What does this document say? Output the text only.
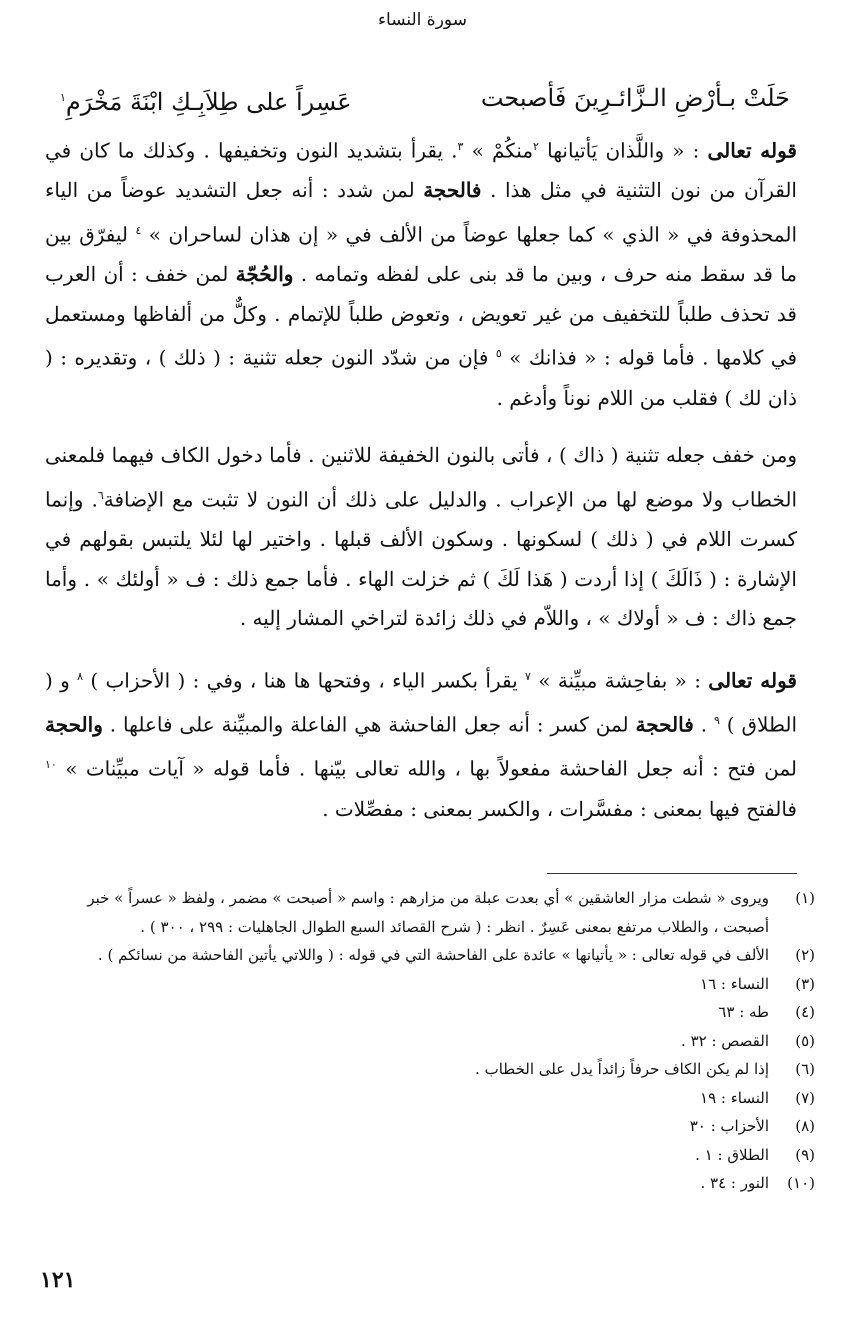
سورة النساء
حَلَتْ بـأرْضِ الـزَّائـرِينَ فَأصبحت
عَسِراً على طِلاَبِـكِ ابْنَةَ مَخْرَمِ$^١$

قوله تعالى : « واللَّذان يَأتيانها $^٢$منكُمْ » $^٣$. يقرأ بتشديد النون وتخفيفها . وكذلك ما كان في القرآن من نون التثنية في مثل هذا . فالحجة لمن شدد : أنه جعل التشديد عوضاً من الياء المحذوفة في « الذي » كما جعلها عوضاً من الألف في « إن هذان لساحران » $^٤$ ليفرّق بين ما قد سقط منه حرف ، وبين ما قد بنى على لفظه وتمامه . والحُجّة لمن خفف : أن العرب قد تحذف طلباً للتخفيف من غير تعويض ، وتعوض طلباً للإتمام . وكلٌّ من ألفاظها ومستعمل في كلامها . فأما قوله : « فذانك » $^٥$ فإن من شدّد النون جعله تثنية : ( ذلك ) ، وتقديره : ( ذان لك ) فقلب من اللام نوناً وأدغم .

ومن خفف جعله تثنية ( ذاك ) ، فأتى بالنون الخفيفة للاثنين . فأما دخول الكاف فيهما فلمعنى الخطاب ولا موضع لها من الإعراب . والدليل على ذلك أن النون لا تثبت مع الإضافة$^٦$. وإنما كسرت اللام في ( ذلك ) لسكونها . وسكون الألف قبلها . واختير لها لئلا يلتبس بقولهم في الإشارة : ( ذَالَكَ ) إذا أردت ( هَذا لَكَ ) ثم خزلت الهاء . فأما جمع ذلك : ف « أولئك » . وأما جمع ذاك : ف « أولاك » ، واللاّم في ذلك زائدة لتراخي المشار إليه .

قوله تعالى : « بفاحِشة مبيِّنة » $^٧$ يقرأ بكسر الياء ، وفتحها ها هنا ، وفي : ( الأحزاب ) $^٨$ و ( الطلاق ) $^٩$ . فالحجة لمن كسر : أنه جعل الفاحشة هي الفاعلة والمبيِّنة على فاعلها . والحجة لمن فتح : أنه جعل الفاحشة مفعولاً بها ، والله تعالى بيّنها . فأما قوله « آيات مبيِّنات » $^{١٠}$ فالفتح فيها بمعنى : مفسَّرات ، والكسر بمعنى : مفصِّلات .

(١)
ويروى « شطت مزار العاشقين » أي بعدت عبلة من مزارهم : واسم « أصبحت » مضمر ، ولفظ « عسراً » خبر أصبحت ، والطلاب مرتفع بمعنى عَسِرٌ . انظر : ( شرح القصائد السبع الطوال الجاهليات : ٢٩٩ ، ٣٠٠ ) .
(٢)
الألف في قوله تعالى : « يأتيانها » عائدة على الفاحشة التي في قوله : ( واللاتي يأتين الفاحشة من نسائكم ) .
(٣)
النساء : ١٦
(٤)
طه : ٦٣
(٥)
القصص : ٣٢ .
(٦)
إذا لم يكن الكاف حرفاً زائداً يدل على الخطاب .
(٧)
النساء : ١٩
(٨)
الأحزاب : ٣٠
(٩)
الطلاق : ١ .
(١٠)
النور : ٣٤ .
١٢١
